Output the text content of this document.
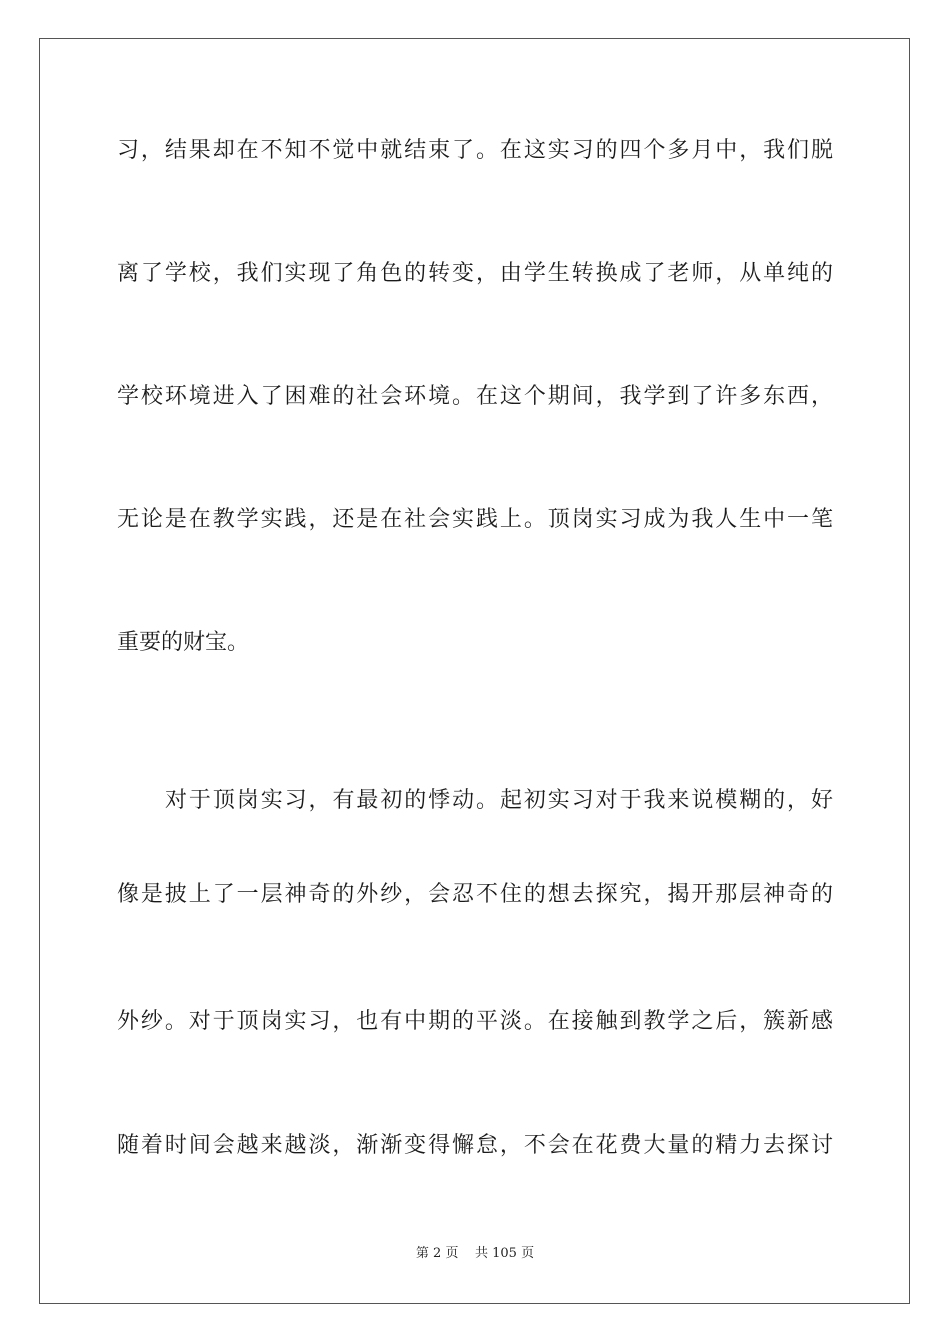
习，结果却在不知不觉中就结束了。在这实习的四个多月中，我们脱
离了学校，我们实现了角色的转变，由学生转换成了老师，从单纯的
学校环境进入了困难的社会环境。在这个期间，我学到了许多东西，
无论是在教学实践，还是在社会实践上。顶岗实习成为我人生中一笔
重要的财宝。
对于顶岗实习，有最初的悸动。起初实习对于我来说模糊的，好
像是披上了一层神奇的外纱，会忍不住的想去探究，揭开那层神奇的
外纱。对于顶岗实习，也有中期的平淡。在接触到教学之后，簇新感
随着时间会越来越淡，渐渐变得懈怠，不会在花费大量的精力去探讨
第 2 页 共 105 页
